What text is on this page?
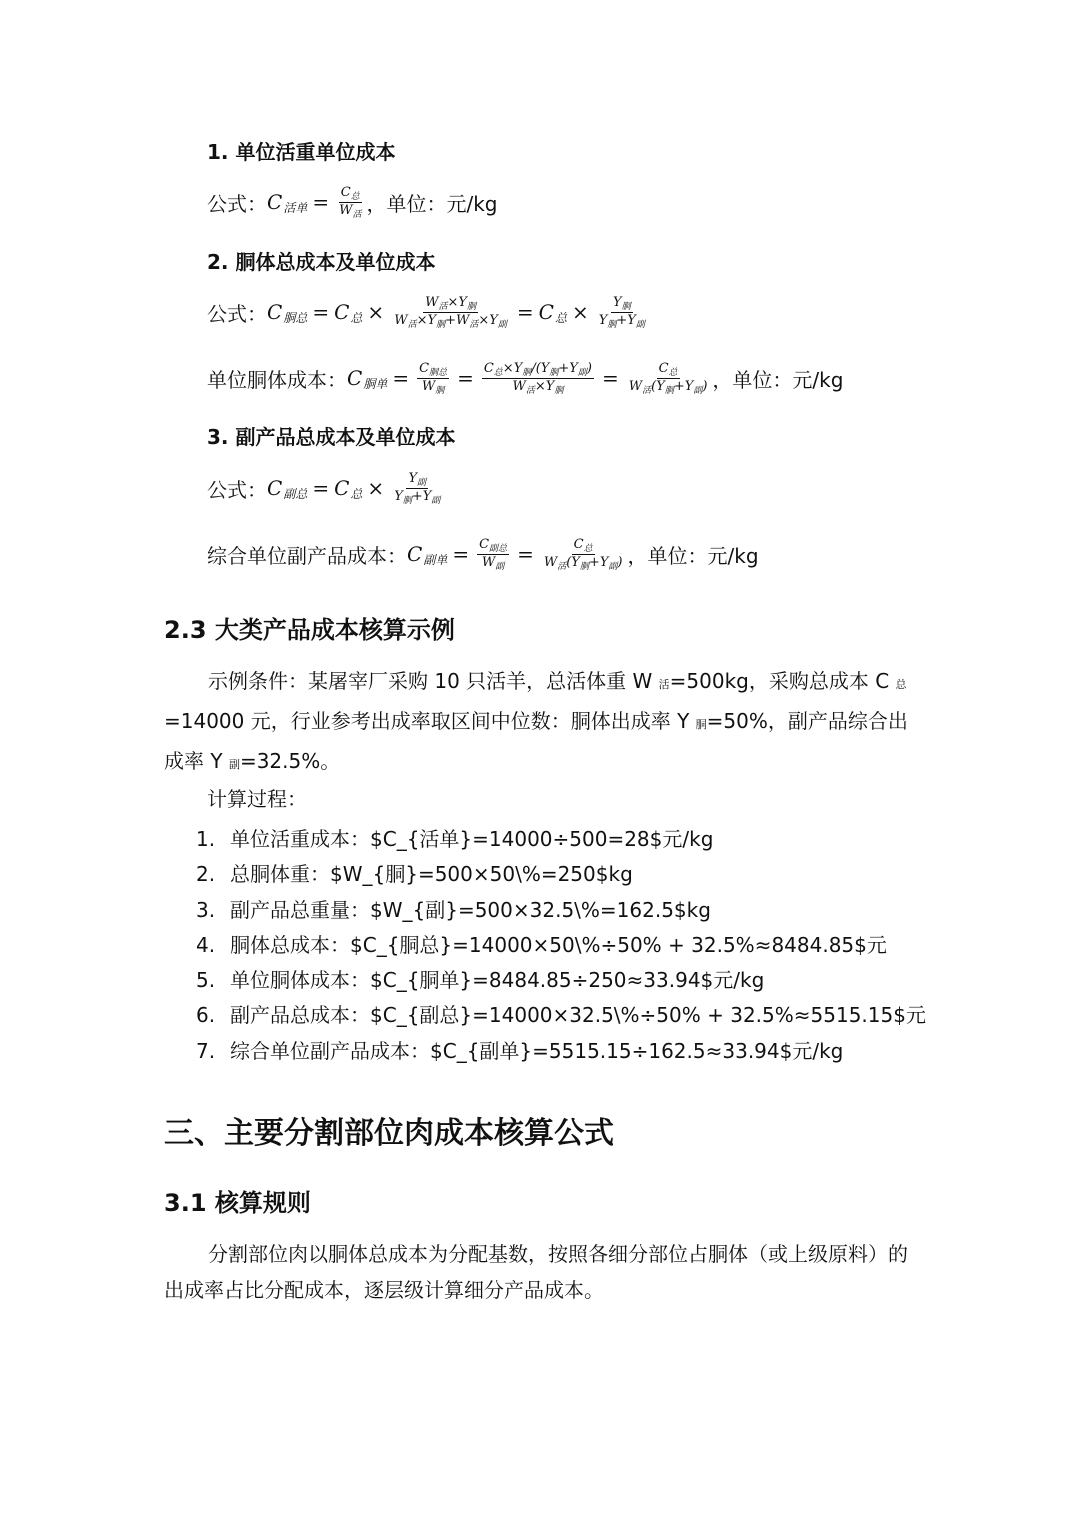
1. 单位活重单位成本
公式： C 活单 = $\frac{C_总}{W_活}$ ，单位：元/kg
2. 胴体总成本及单位成本
公式： C 胴总 = C 总 × $\frac{W_活\times Y_胴}{W_活\times Y_胴+W_活\times Y_副} = C$ 总 × $\frac{Y_胴}{Y_胴+Y_副}$
单位胴体成本： C 胴单 = $\frac{C_{胴总}}{W_胴} = \frac{C_总\times Y_胴/(Y_胴+Y_副)}{W_活\times Y_胴} = \frac{C_总}{W_活(Y_胴+Y_副)}$ ，单位：元/kg
3. 副产品总成本及单位成本
公式： C 副总 = C 总 × $\frac{Y_副}{Y_胴+Y_副}$
综合单位副产品成本： C 副单 = $\frac{C_{副总}}{W_副} = \frac{C_总}{W_活(Y_胴+Y_副)}$ ，单位：元/kg
2.3 大类产品成本核算示例
示例条件：某屠宰厂采购 10 只活羊，总活体重 W 活=500kg，采购总成本 C 总=14000 元，行业参考出成率取区间中位数：胴体出成率 Y 胴=50%，副产品综合出成率 Y 副=32.5%。
计算过程：
1. 单位活重成本：$C_{活单}=14000÷500=28$元/kg
2. 总胴体重：$W_{胴}=500×50\%=250$kg
3. 副产品总重量：$W_{副}=500×32.5\%=162.5$kg
4. 胴体总成本：$C_{胴总}=14000×50\%÷50% + 32.5%≈8484.85$元
5. 单位胴体成本：$C_{胴单}=8484.85÷250≈33.94$元/kg
6. 副产品总成本：$C_{副总}=14000×32.5\%÷50% + 32.5%≈5515.15$元
7. 综合单位副产品成本：$C_{副单}=5515.15÷162.5≈33.94$元/kg
三、主要分割部位肉成本核算公式
3.1 核算规则
分割部位肉以胴体总成本为分配基数，按照各细分部位占胴体（或上级原料）的出成率占比分配成本，逐层级计算细分产品成本。
